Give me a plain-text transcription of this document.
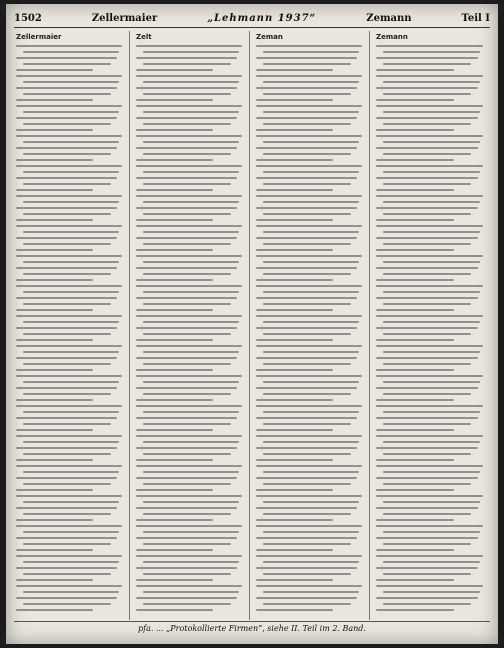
1502	Zellermaier	„Lehmann 1937“	Zemann	Teil I
Zellermaier	Zelt	Zeman	Zemann
pfa. ... „Protokollierte Firmen“, siehe II. Teil im 2. Band.
